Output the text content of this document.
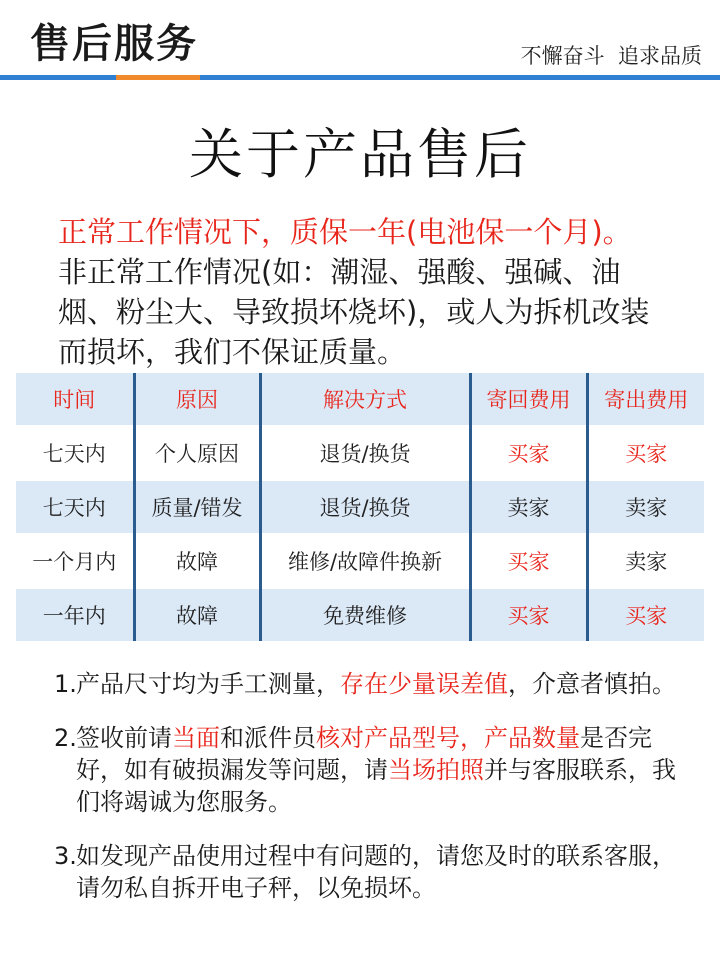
售后服务	不懈奋斗  追求品质
关于产品售后
正常工作情况下，质保一年(电池保一个月)。
非正常工作情况(如：潮湿、强酸、强碱、油烟、粉尘大、导致损坏烧坏)，或人为拆机改装而损坏，我们不保证质量。
时间	原因	解决方式	寄回费用	寄出费用
七天内	个人原因	退货/换货	买家	买家
七天内	质量/错发	退货/换货	卖家	卖家
一个月内	故障	维修/故障件换新	买家	卖家
一年内	故障	免费维修	买家	买家
1. 产品尺寸均为手工测量，存在少量误差值，介意者慎拍。
2. 签收前请当面和派件员核对产品型号，产品数量是否完好，如有破损漏发等问题，请当场拍照并与客服联系，我们将竭诚为您服务。
3. 如发现产品使用过程中有问题的，请您及时的联系客服，请勿私自拆开电子秤，以免损坏。
